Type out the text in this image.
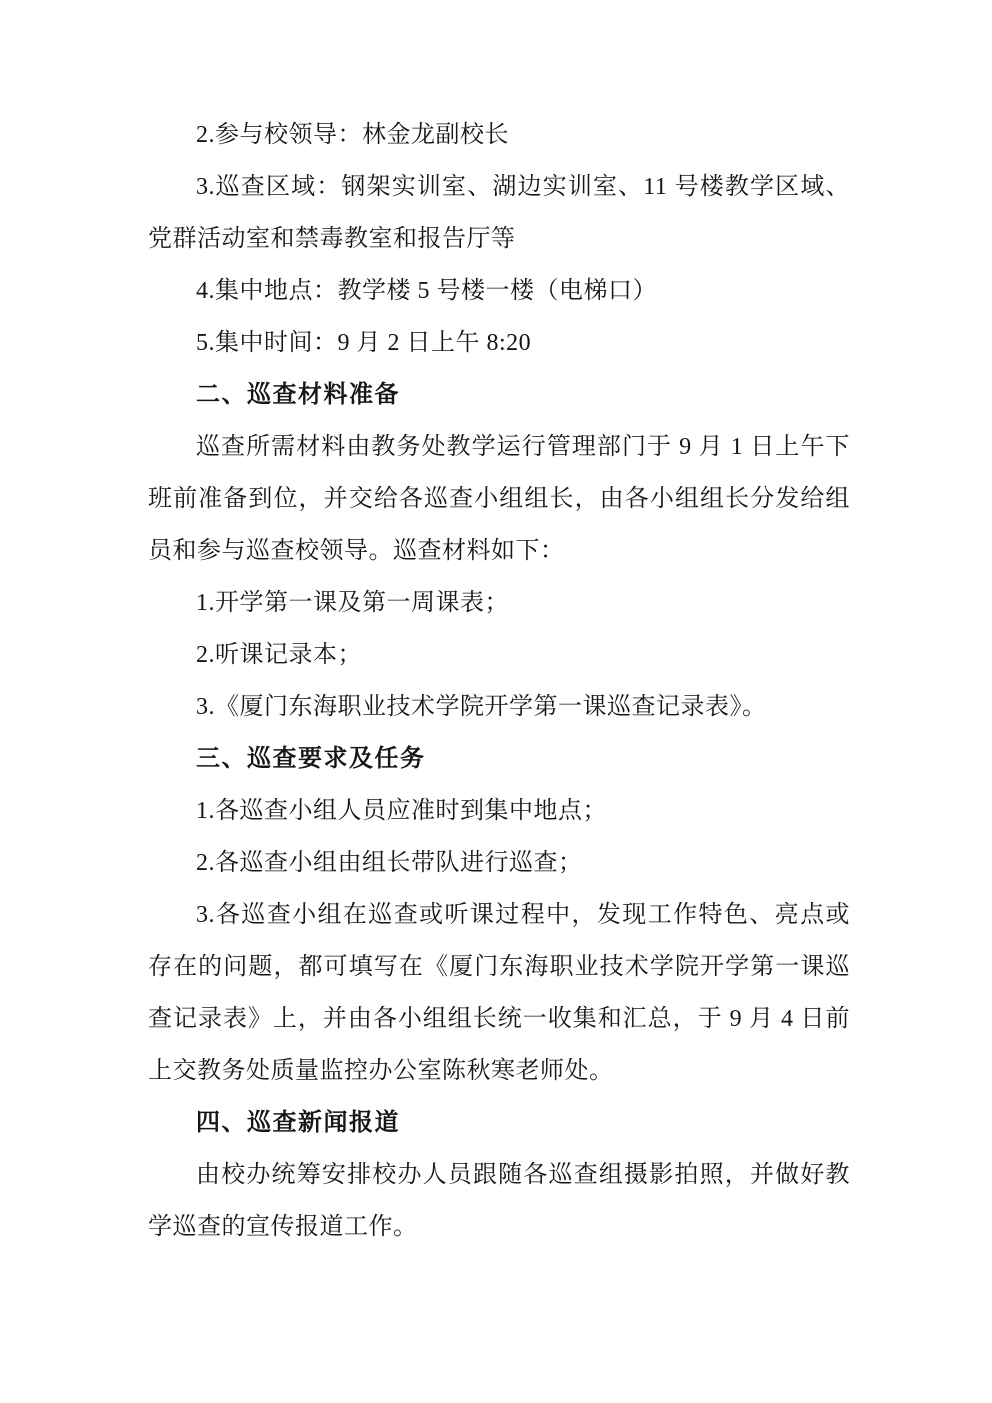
2.参与校领导：林金龙副校长

3.巡查区域：钢架实训室、湖边实训室、11 号楼教学区域、党群活动室和禁毒教室和报告厅等

4.集中地点：教学楼 5 号楼一楼（电梯口）

5.集中时间：9 月 2 日上午 8:20

二、巡查材料准备

巡查所需材料由教务处教学运行管理部门于 9 月 1 日上午下班前准备到位，并交给各巡查小组组长，由各小组组长分发给组员和参与巡查校领导。巡查材料如下：

1.开学第一课及第一周课表；

2.听课记录本；

3.《厦门东海职业技术学院开学第一课巡查记录表》。

三、巡查要求及任务

1.各巡查小组人员应准时到集中地点；

2.各巡查小组由组长带队进行巡查；

3.各巡查小组在巡查或听课过程中，发现工作特色、亮点或存在的问题，都可填写在《厦门东海职业技术学院开学第一课巡查记录表》上，并由各小组组长统一收集和汇总，于 9 月 4 日前上交教务处质量监控办公室陈秋寒老师处。

四、巡查新闻报道

由校办统筹安排校办人员跟随各巡查组摄影拍照，并做好教学巡查的宣传报道工作。
